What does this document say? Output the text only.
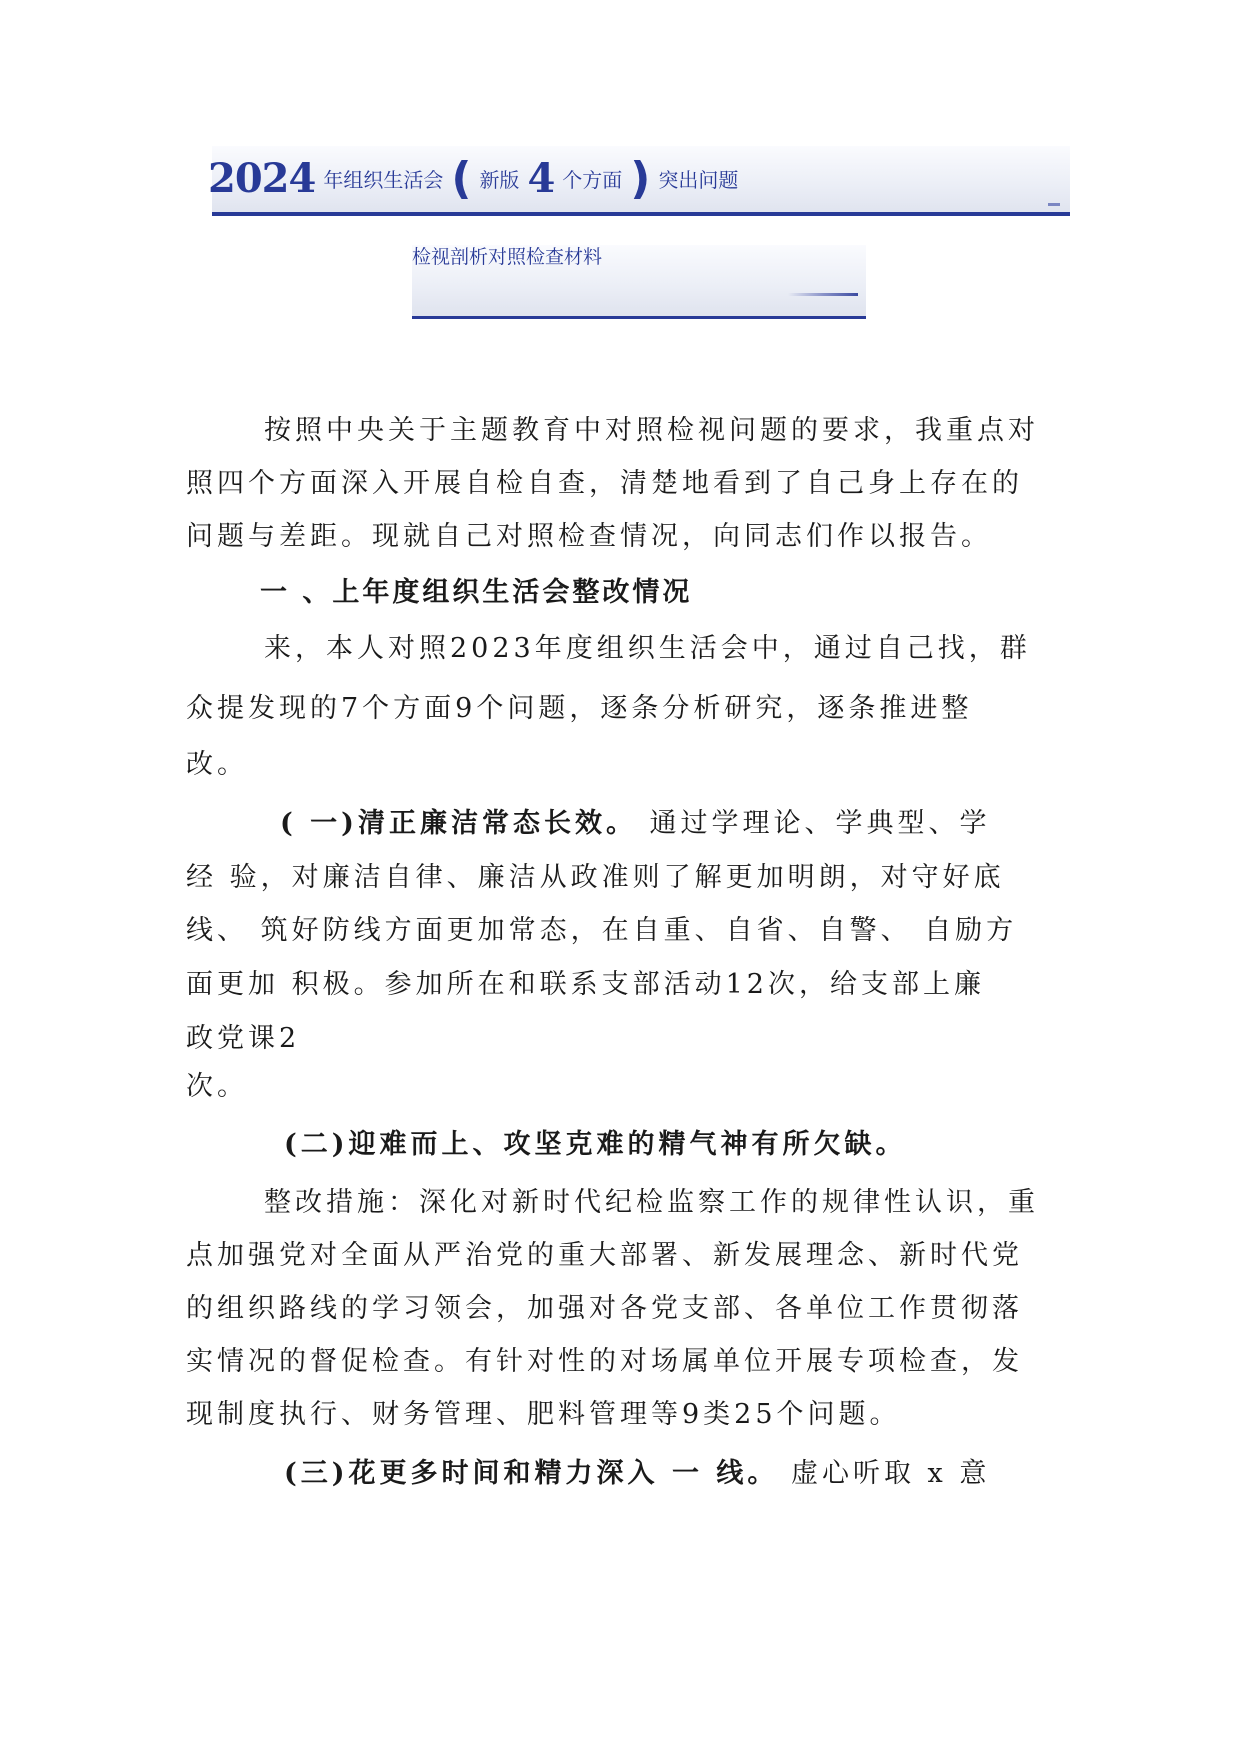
2024 年组织生活会 ( 新版 4 个方面 ) 突出问题
检视剖析对照检查材料
按照中央关于主题教育中对照检视问题的要求，我重点对
照四个方面深入开展自检自查，清楚地看到了自己身上存在的
问题与差距。现就自己对照检查情况，向同志们作以报告。
一 、上年度组织生活会整改情况
来，本人对照2023年度组织生活会中，通过自己找，群
众提发现的7个方面9个问题，逐条分析研究，逐条推进整
改。
( 一)清正廉洁常态长效。 通过学理论、学典型、学
经 验，对廉洁自律、廉洁从政准则了解更加明朗，对守好底
线、 筑好防线方面更加常态，在自重、自省、自警、 自励方
面更加 积极。参加所在和联系支部活动12次，给支部上廉
政党课2
次。
(二)迎难而上、攻坚克难的精气神有所欠缺。
整改措施：深化对新时代纪检监察工作的规律性认识，重
点加强党对全面从严治党的重大部署、新发展理念、新时代党
的组织路线的学习领会，加强对各党支部、各单位工作贯彻落
实情况的督促检查。有针对性的对场属单位开展专项检查，发
现制度执行、财务管理、肥料管理等9类25个问题。
(三)花更多时间和精力深入 一 线。 虚心听取 x 意
